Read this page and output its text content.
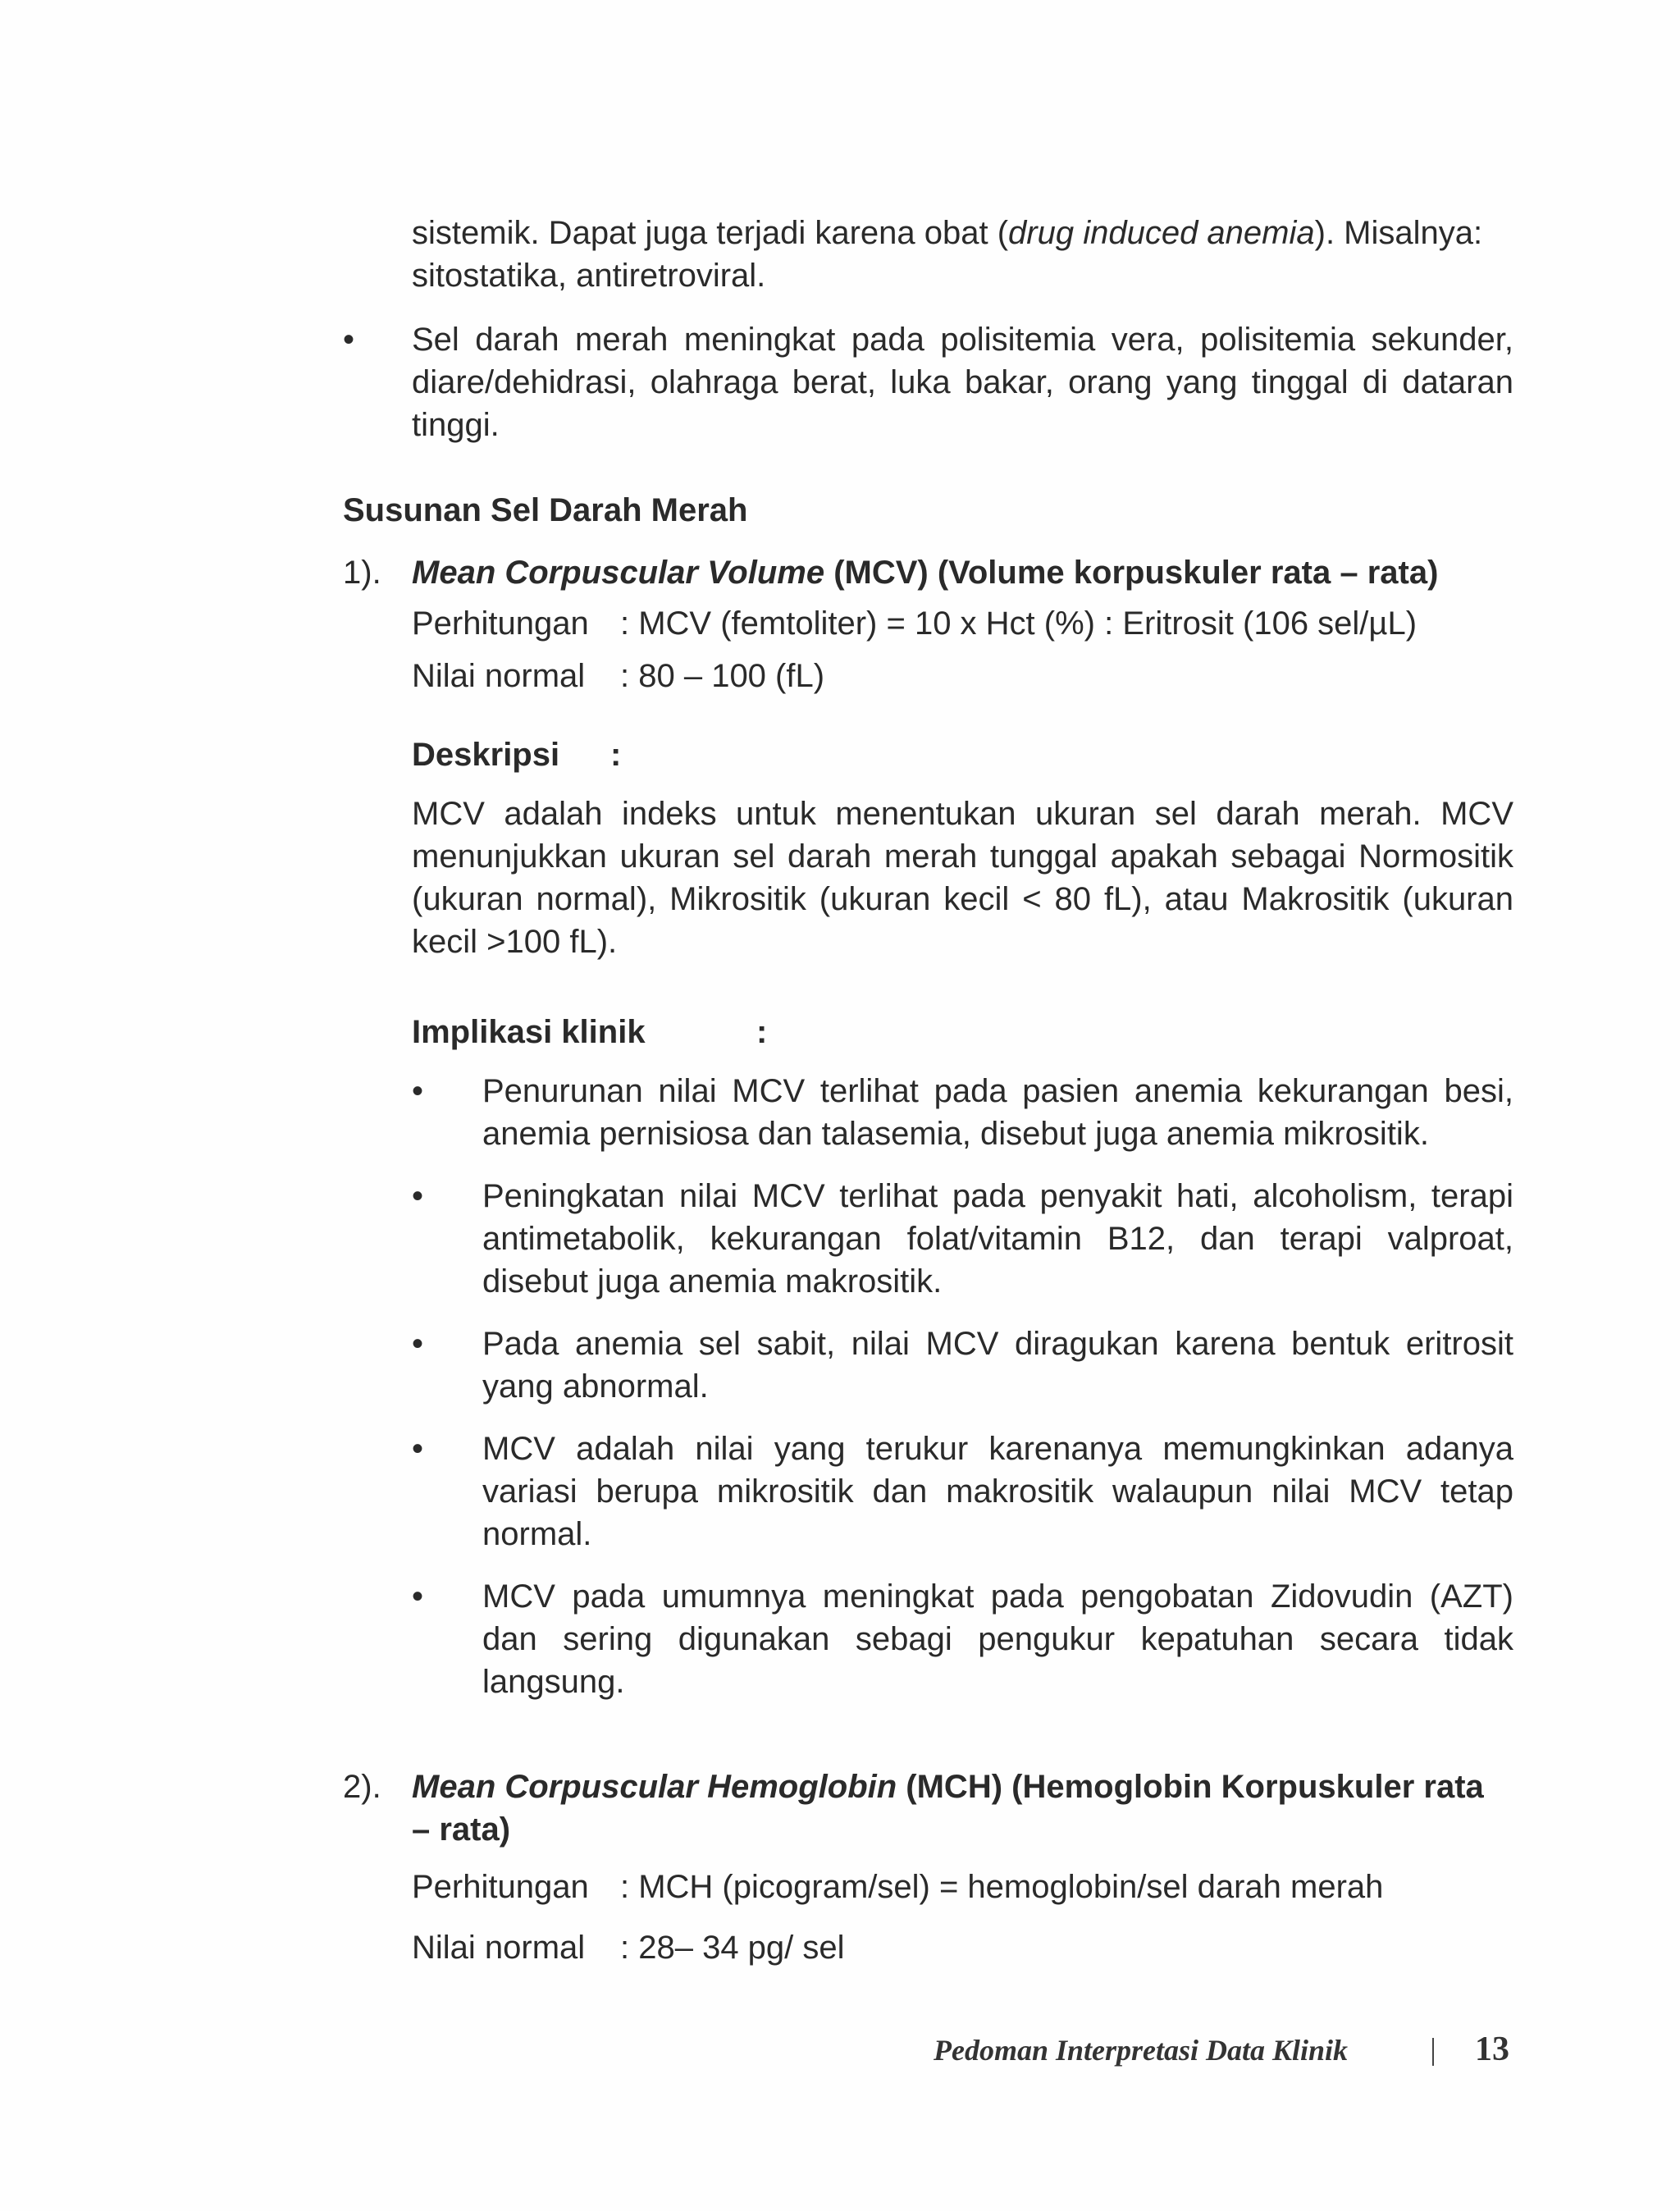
sistemik. Dapat juga terjadi karena obat (drug induced anemia). Misalnya:
sitostatika, antiretroviral.
• Sel darah merah meningkat pada polisitemia vera, polisitemia sekunder, diare/dehidrasi, olahraga berat, luka bakar, orang yang tinggal di dataran tinggi.
Susunan Sel Darah Merah
1). Mean Corpuscular Volume (MCV) (Volume korpuskuler rata – rata)
Perhitungan : MCV (femtoliter) = 10 x Hct (%) : Eritrosit (106 sel/µL)
Nilai normal : 80 – 100 (fL)
Deskripsi :
MCV adalah indeks untuk menentukan ukuran sel darah merah. MCV menunjukkan ukuran sel darah merah tunggal apakah sebagai Normositik (ukuran normal), Mikrositik (ukuran kecil < 80 fL), atau Makrositik (ukuran kecil >100 fL).
Implikasi klinik	:
• Penurunan nilai MCV terlihat pada pasien anemia kekurangan besi, anemia pernisiosa dan talasemia, disebut juga anemia mikrositik.
• Peningkatan nilai MCV terlihat pada penyakit hati, alcoholism, terapi antimetabolik, kekurangan folat/vitamin B12, dan terapi valproat, disebut juga anemia makrositik.
• Pada anemia sel sabit, nilai MCV diragukan karena bentuk eritrosit yang abnormal.
• MCV adalah nilai yang terukur karenanya memungkinkan adanya variasi berupa mikrositik dan makrositik walaupun nilai MCV tetap normal.
• MCV pada umumnya meningkat pada pengobatan Zidovudin (AZT) dan sering digunakan sebagi pengukur kepatuhan secara tidak langsung.
2). Mean Corpuscular Hemoglobin (MCH) (Hemoglobin Korpuskuler rata
– rata)
Perhitungan : MCH (picogram/sel) = hemoglobin/sel darah merah
Nilai normal : 28– 34 pg/ sel
Pedoman Interpretasi Data Klinik	13
